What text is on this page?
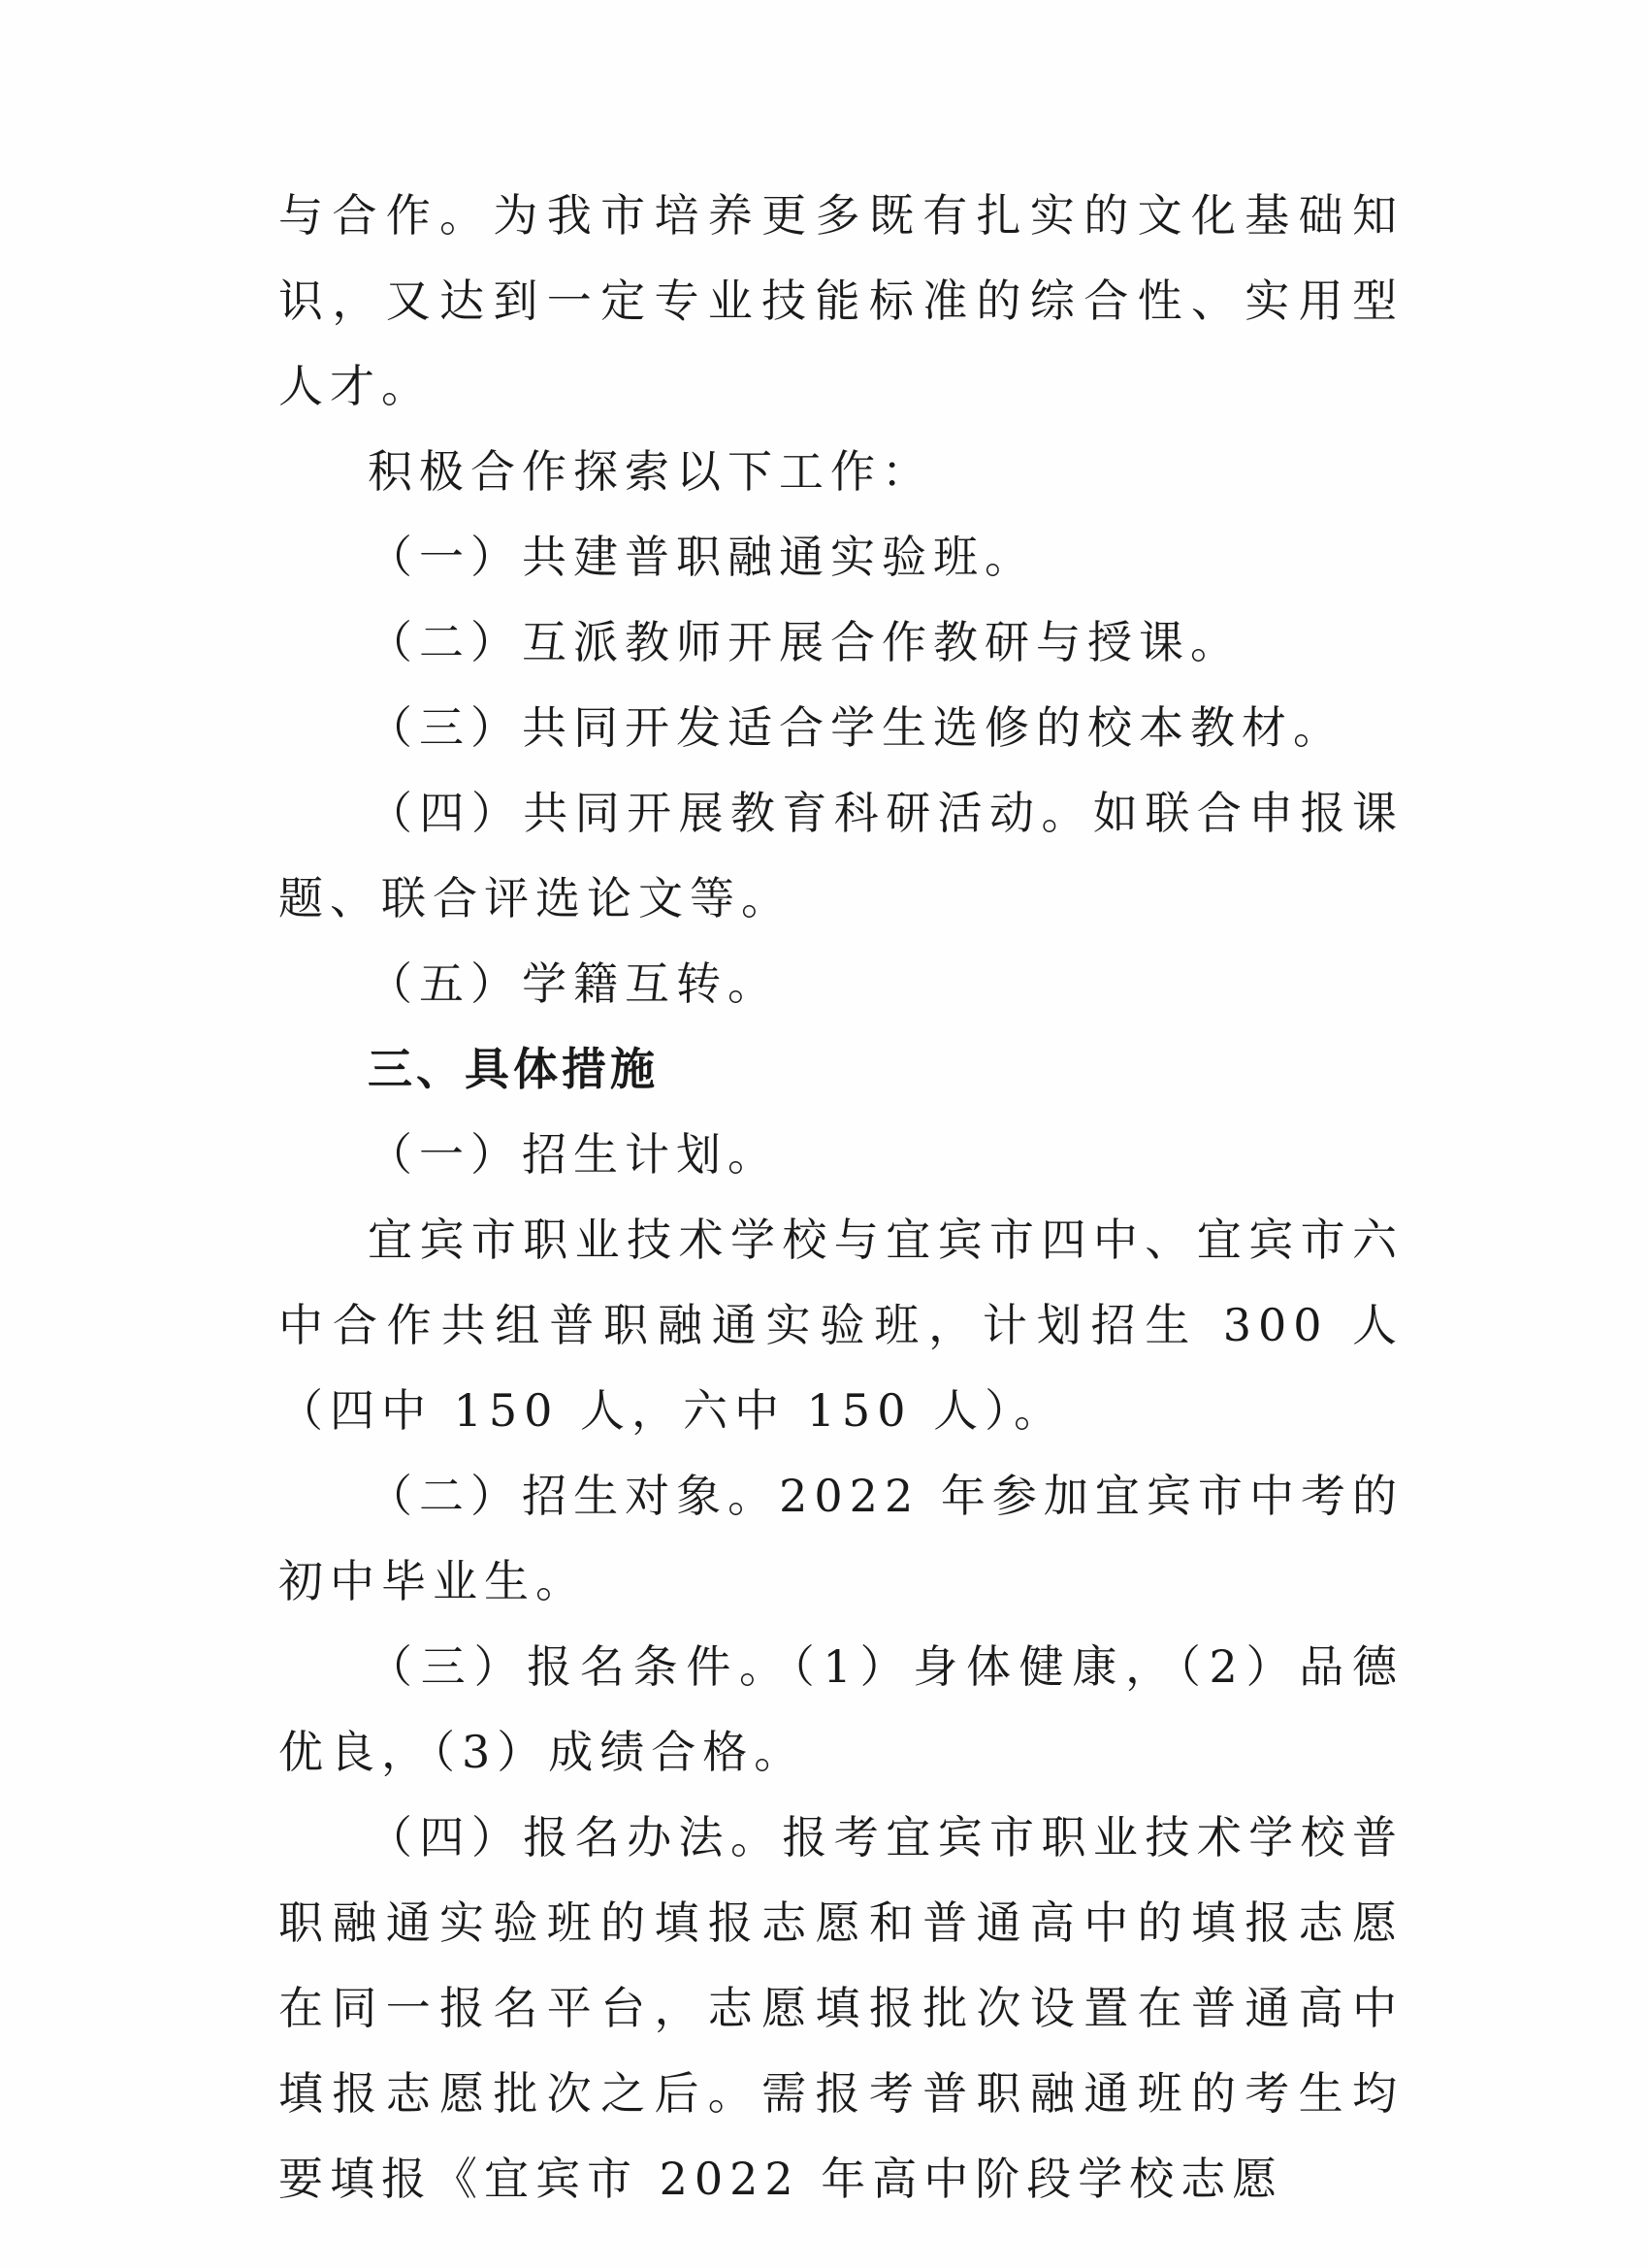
与合作。为我市培养更多既有扎实的文化基础知识，又达到一定专业技能标准的综合性、实用型人才。

积极合作探索以下工作：

（一）共建普职融通实验班。

（二）互派教师开展合作教研与授课。

（三）共同开发适合学生选修的校本教材。

（四）共同开展教育科研活动。如联合申报课题、联合评选论文等。

（五）学籍互转。

三、具体措施

（一）招生计划。

宜宾市职业技术学校与宜宾市四中、宜宾市六中合作共组普职融通实验班，计划招生 300 人（四中 150 人，六中 150 人）。

（二）招生对象。2022 年参加宜宾市中考的初中毕业生。

（三）报名条件。（1）身体健康，（2）品德优良，（3）成绩合格。

（四）报名办法。报考宜宾市职业技术学校普职融通实验班的填报志愿和普通高中的填报志愿在同一报名平台，志愿填报批次设置在普通高中填报志愿批次之后。需报考普职融通班的考生均要填报《宜宾市 2022 年高中阶段学校志愿
